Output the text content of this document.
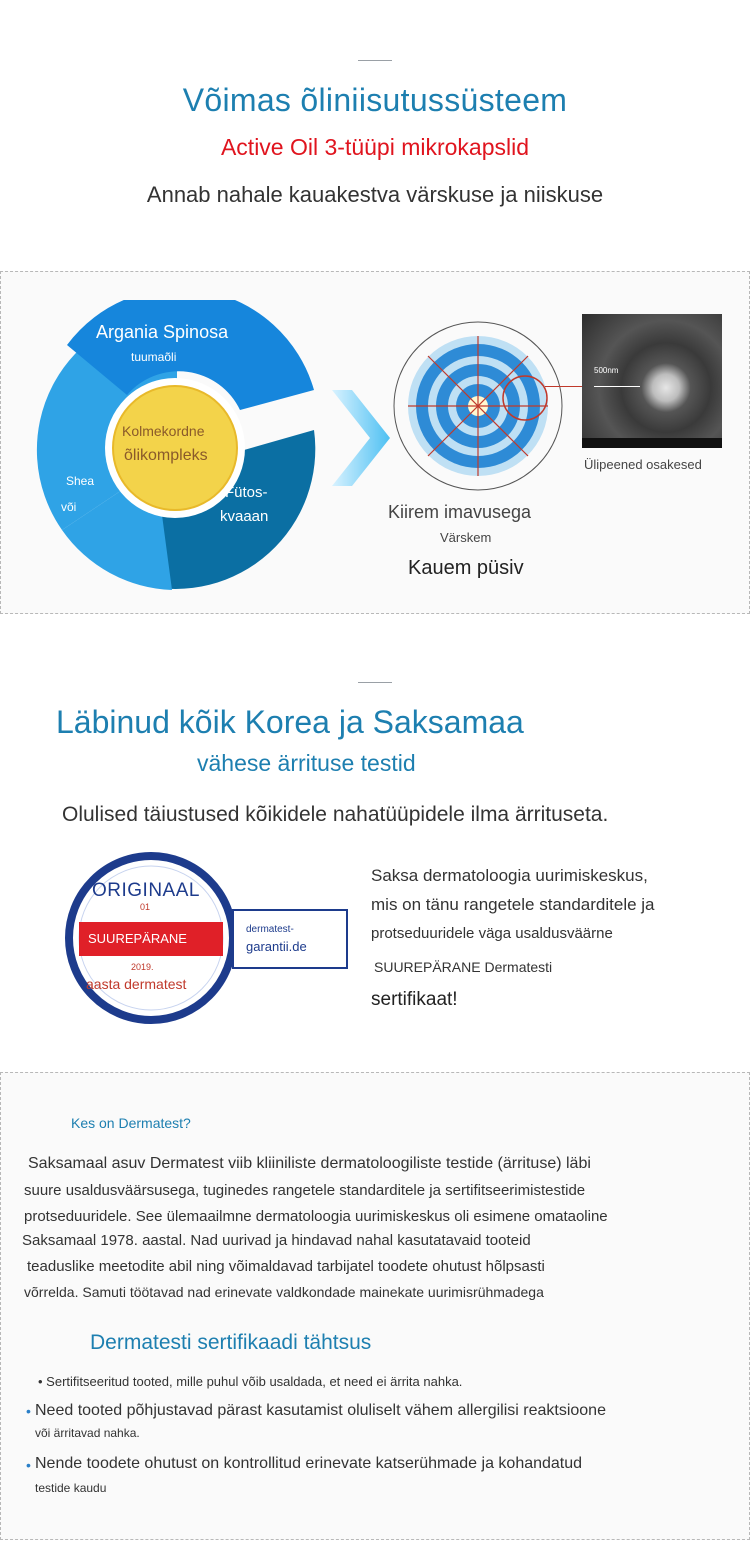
Võimas õliniisutussüsteem
Active Oil 3-tüüpi mikrokapslid
Annab nahale kauakestva värskuse ja niiskuse
Argania Spinosa
tuumaõli
Shea
või
Fütos-
kvaaan
Kolmekordne
õlikompleks
500nm
Ülipeened osakesed
Kiirem imavusega
Värskem
Kauem püsiv
Läbinud kõik Korea ja Saksamaa
vähese ärrituse testid
Olulised täiustused kõikidele nahatüüpidele ilma ärrituseta.
ORIGINAAL
01
SUUREPÄRANE
2019.
aasta dermatest
dermatest-
garantii.de
Saksa dermatoloogia uurimiskeskus,
mis on tänu rangetele standarditele ja
protseduuridele väga usaldusväärne
SUUREPÄRANE Dermatesti
sertifikaat!
Kes on Dermatest?
Saksamaal asuv Dermatest viib kliiniliste dermatoloogiliste testide (ärrituse) läbi
suure usaldusväärsusega, tuginedes rangetele standarditele ja sertifitseerimistestide
protseduuridele. See ülemaailmne dermatoloogia uurimiskeskus oli esimene omataoline
Saksamaal 1978. aastal. Nad uurivad ja hindavad nahal kasutatavaid tooteid
teaduslike meetodite abil ning võimaldavad tarbijatel toodete ohutust hõlpsasti
võrrelda. Samuti töötavad nad erinevate valdkondade mainekate uurimisrühmadega
Dermatesti sertifikaadi tähtsus
• Sertifitseeritud tooted, mille puhul võib usaldada, et need ei ärrita nahka.
• Need tooted põhjustavad pärast kasutamist oluliselt vähem allergilisi reaktsioone
või ärritavad nahka.
• Nende toodete ohutust on kontrollitud erinevate katserühmade ja kohandatud
testide kaudu
